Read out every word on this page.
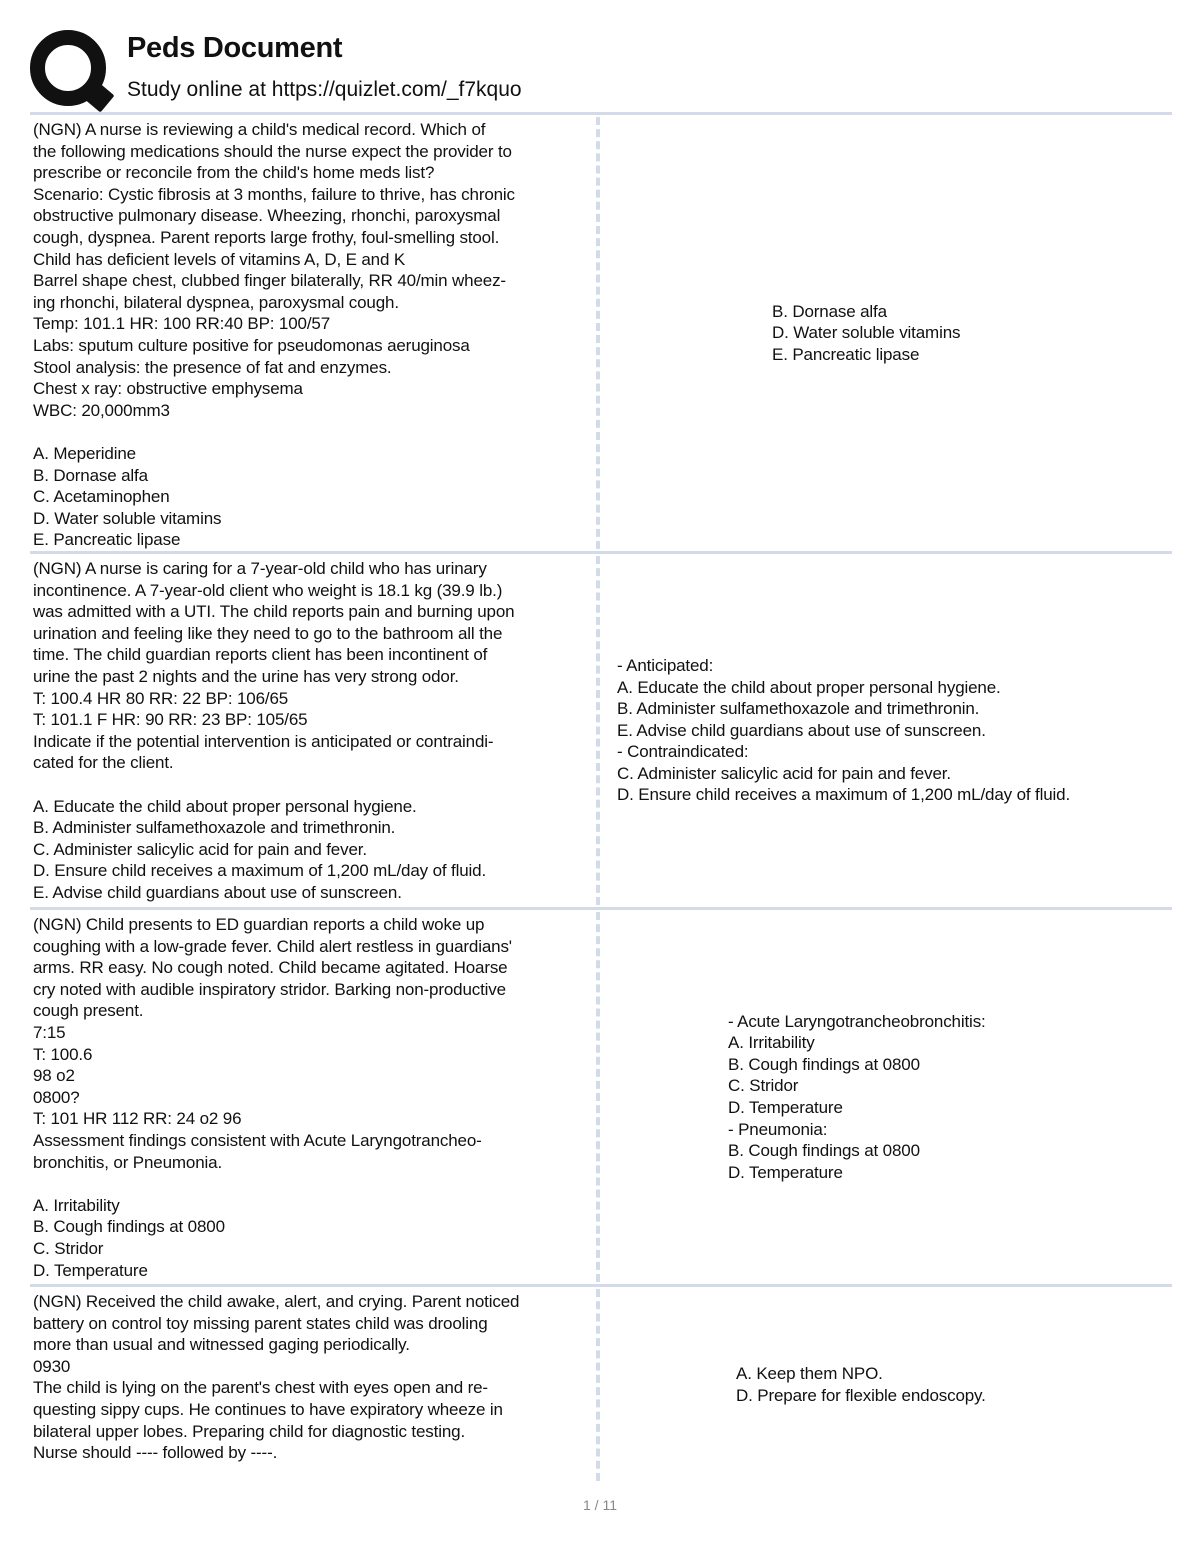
Peds Document

Study online at https://quizlet.com/_f7kquo

(NGN) A nurse is reviewing a child's medical record. Which of
the following medications should the nurse expect the provider to
prescribe or reconcile from the child's home meds list?
Scenario: Cystic fibrosis at 3 months, failure to thrive, has chronic
obstructive pulmonary disease. Wheezing, rhonchi, paroxysmal
cough, dyspnea. Parent reports large frothy, foul-smelling stool.
Child has deficient levels of vitamins A, D, E and K
Barrel shape chest, clubbed finger bilaterally, RR 40/min wheez-
ing rhonchi, bilateral dyspnea, paroxysmal cough.
Temp: 101.1 HR: 100 RR:40 BP: 100/57
Labs: sputum culture positive for pseudomonas aeruginosa
Stool analysis: the presence of fat and enzymes.
Chest x ray: obstructive emphysema
WBC: 20,000mm3

A. Meperidine
B. Dornase alfa
C. Acetaminophen
D. Water soluble vitamins
E. Pancreatic lipase
B. Dornase alfa
D. Water soluble vitamins
E. Pancreatic lipase
(NGN) A nurse is caring for a 7-year-old child who has urinary
incontinence. A 7-year-old client who weight is 18.1 kg (39.9 lb.)
was admitted with a UTI. The child reports pain and burning upon
urination and feeling like they need to go to the bathroom all the
time. The child guardian reports client has been incontinent of
urine the past 2 nights and the urine has very strong odor.
T: 100.4 HR 80 RR: 22 BP: 106/65
T: 101.1 F HR: 90 RR: 23 BP: 105/65
Indicate if the potential intervention is anticipated or contraindi-
cated for the client.

A. Educate the child about proper personal hygiene.
B. Administer sulfamethoxazole and trimethronin.
C. Administer salicylic acid for pain and fever.
D. Ensure child receives a maximum of 1,200 mL/day of fluid.
E. Advise child guardians about use of sunscreen.
- Anticipated:
A. Educate the child about proper personal hygiene.
B. Administer sulfamethoxazole and trimethronin.
E. Advise child guardians about use of sunscreen.
- Contraindicated:
C. Administer salicylic acid for pain and fever.
D. Ensure child receives a maximum of 1,200 mL/day of fluid.
(NGN) Child presents to ED guardian reports a child woke up
coughing with a low-grade fever. Child alert restless in guardians'
arms. RR easy. No cough noted. Child became agitated. Hoarse
cry noted with audible inspiratory stridor. Barking non-productive
cough present.
7:15
T: 100.6
98 o2
0800?
T: 101 HR 112 RR: 24 o2 96
Assessment findings consistent with Acute Laryngotrancheo-
bronchitis, or Pneumonia.

A. Irritability
B. Cough findings at 0800
C. Stridor
D. Temperature
- Acute Laryngotrancheobronchitis:
A. Irritability
B. Cough findings at 0800
C. Stridor
D. Temperature
- Pneumonia:
B. Cough findings at 0800
D. Temperature
(NGN) Received the child awake, alert, and crying. Parent noticed
battery on control toy missing parent states child was drooling
more than usual and witnessed gaging periodically.
0930
The child is lying on the parent's chest with eyes open and re-
questing sippy cups. He continues to have expiratory wheeze in
bilateral upper lobes. Preparing child for diagnostic testing.
Nurse should ---- followed by ----.
A. Keep them NPO.
D. Prepare for flexible endoscopy.
1 / 11
